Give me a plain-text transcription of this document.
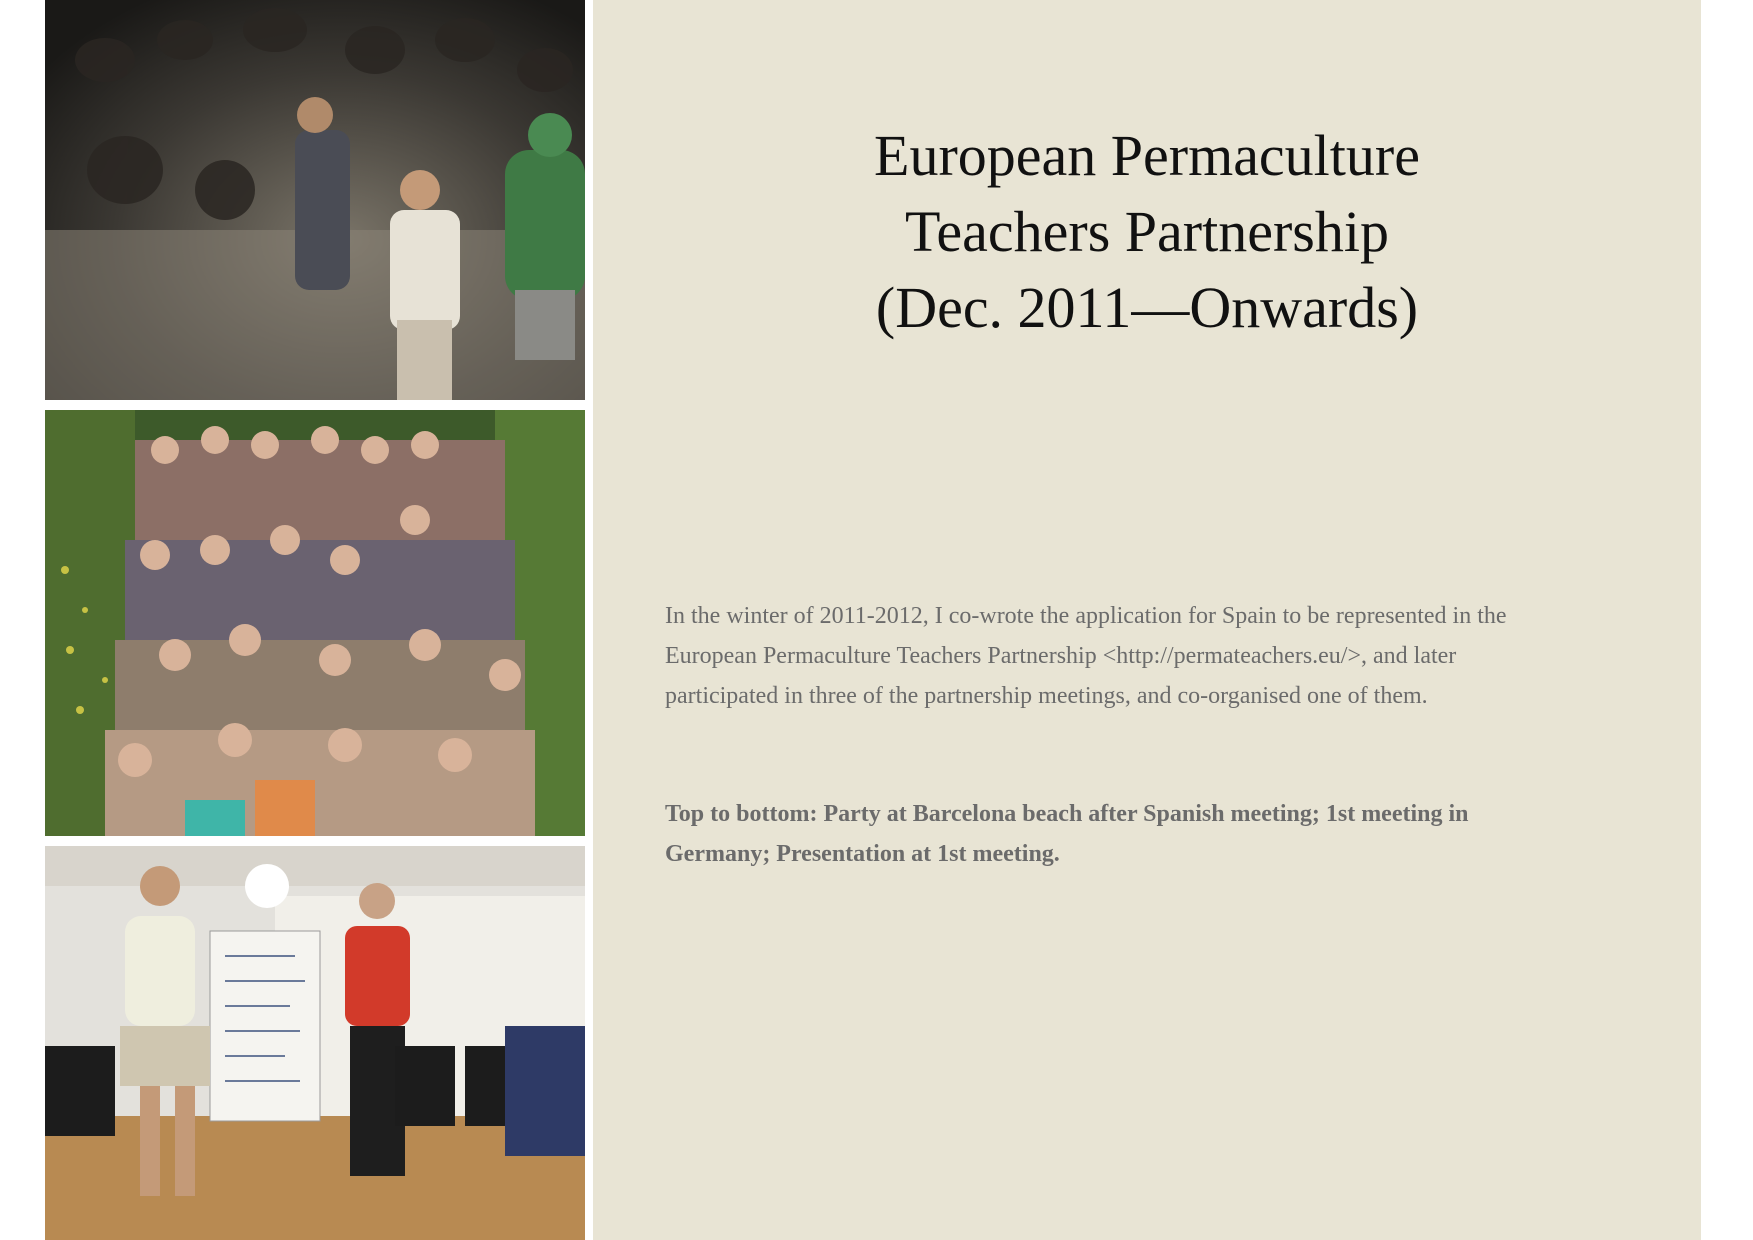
European Permaculture
Teachers Partnership
(Dec. 2011—Onwards)

In the winter of 2011-2012, I co-wrote the application for Spain to be represented in the European Permaculture Teachers Partnership <http://permateachers.eu/>, and later participated in three of the partnership meetings, and co-organised one of them.

Top to bottom: Party at Barcelona beach after Spanish meeting; 1st meeting in Germany; Presentation at 1st meeting.
